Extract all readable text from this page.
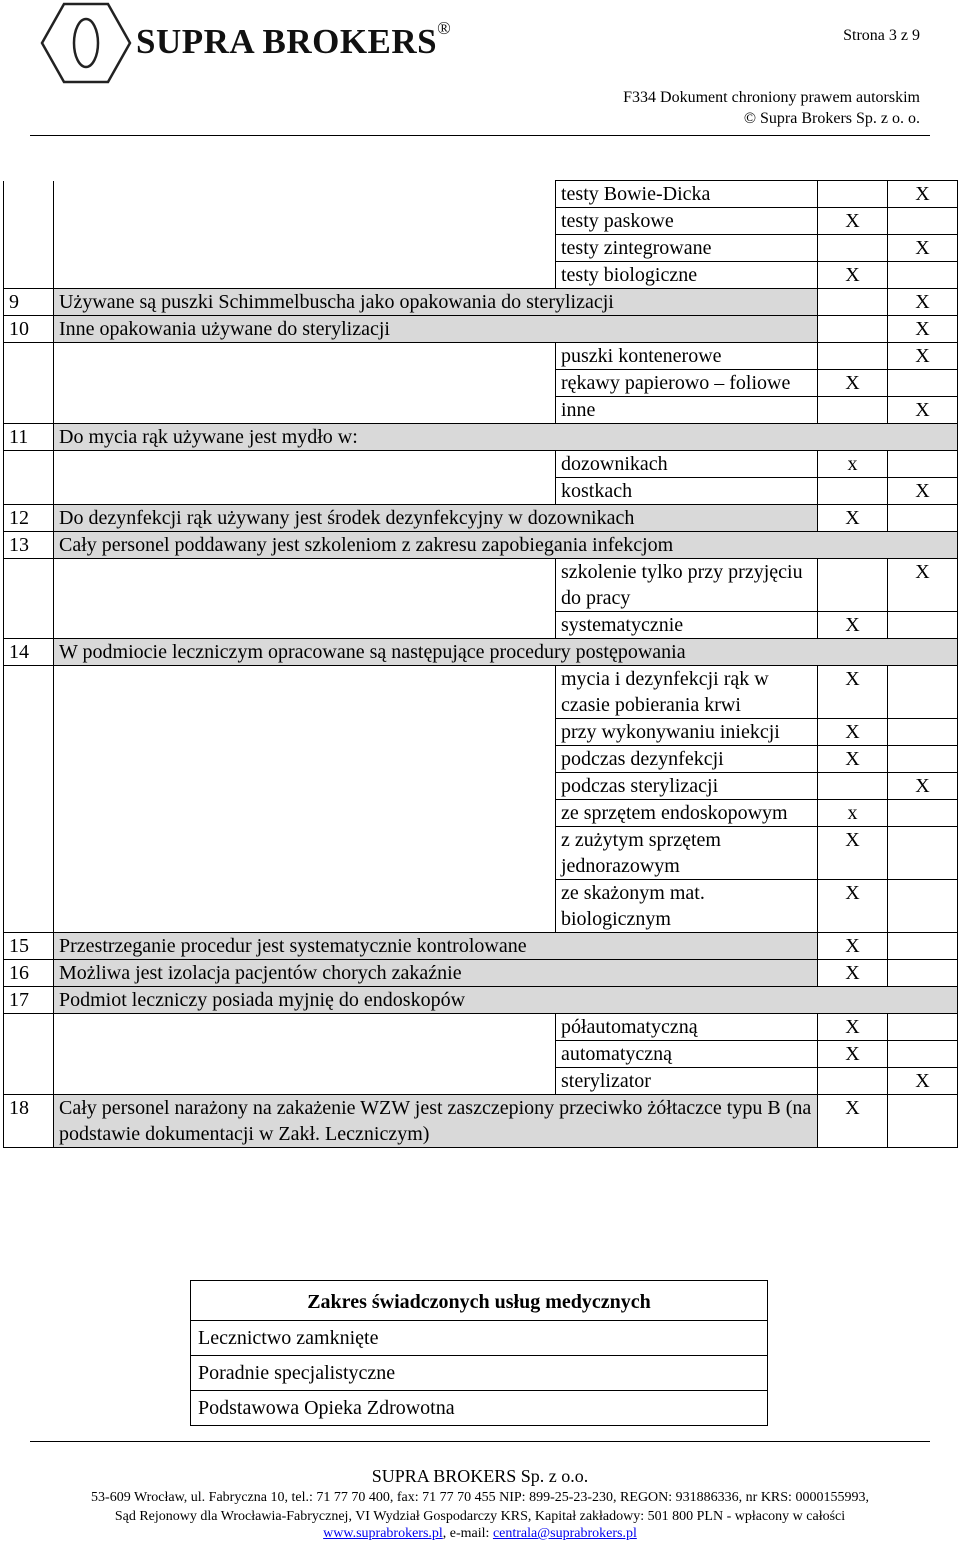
SUPRA BROKERS®	Strona 3 z 9
F334 Dokument chroniony prawem autorskim
© Supra Brokers Sp. z o. o.
		testy Bowie-Dicka		X
		testy paskowe	X	
		testy zintegrowane		X
		testy biologiczne	X	
9	Używane są puszki Schimmelbuscha jako opakowania do sterylizacji			X
10	Inne opakowania używane do sterylizacji			X
		puszki kontenerowe		X
		rękawy papierowo – foliowe	X	
		inne		X
11	Do mycia rąk używane jest mydło w:			
		dozownikach	x	
		kostkach		X
12	Do dezynfekcji rąk używany jest środek dezynfekcyjny w dozownikach		X	
13	Cały personel poddawany jest szkoleniom z zakresu zapobiegania infekcjom			
		szkolenie tylko przy przyjęciu do pracy		X
		systematycznie	X	
14	W podmiocie leczniczym opracowane są następujące procedury postępowania			
		mycia i dezynfekcji rąk w czasie pobierania krwi	X	
		przy wykonywaniu iniekcji	X	
		podczas dezynfekcji	X	
		podczas sterylizacji		X
		ze sprzętem endoskopowym	x	
		z zużytym sprzętem jednorazowym	X	
		ze skażonym mat. biologicznym	X	
15	Przestrzeganie procedur jest systematycznie kontrolowane		X	
16	Możliwa jest izolacja pacjentów chorych zakaźnie		X	
17	Podmiot leczniczy posiada myjnię do endoskopów			
		półautomatyczną	X	
		automatyczną	X	
		sterylizator		X
18	Cały personel narażony na zakażenie WZW jest zaszczepiony przeciwko żółtaczce typu B (na podstawie dokumentacji w Zakł. Leczniczym)		X	
Zakres świadczonych usług medycznych
Lecznictwo zamknięte
Poradnie specjalistyczne
Podstawowa Opieka Zdrowotna
SUPRA BROKERS Sp. z o.o.
53-609 Wrocław, ul. Fabryczna 10, tel.: 71 77 70 400, fax: 71 77 70 455 NIP: 899-25-23-230, REGON: 931886336, nr KRS: 0000155993,
Sąd Rejonowy dla Wrocławia-Fabrycznej, VI Wydział Gospodarczy KRS, Kapitał zakładowy: 501 800 PLN - wpłacony w całości
www.suprabrokers.pl, e-mail: centrala@suprabrokers.pl
